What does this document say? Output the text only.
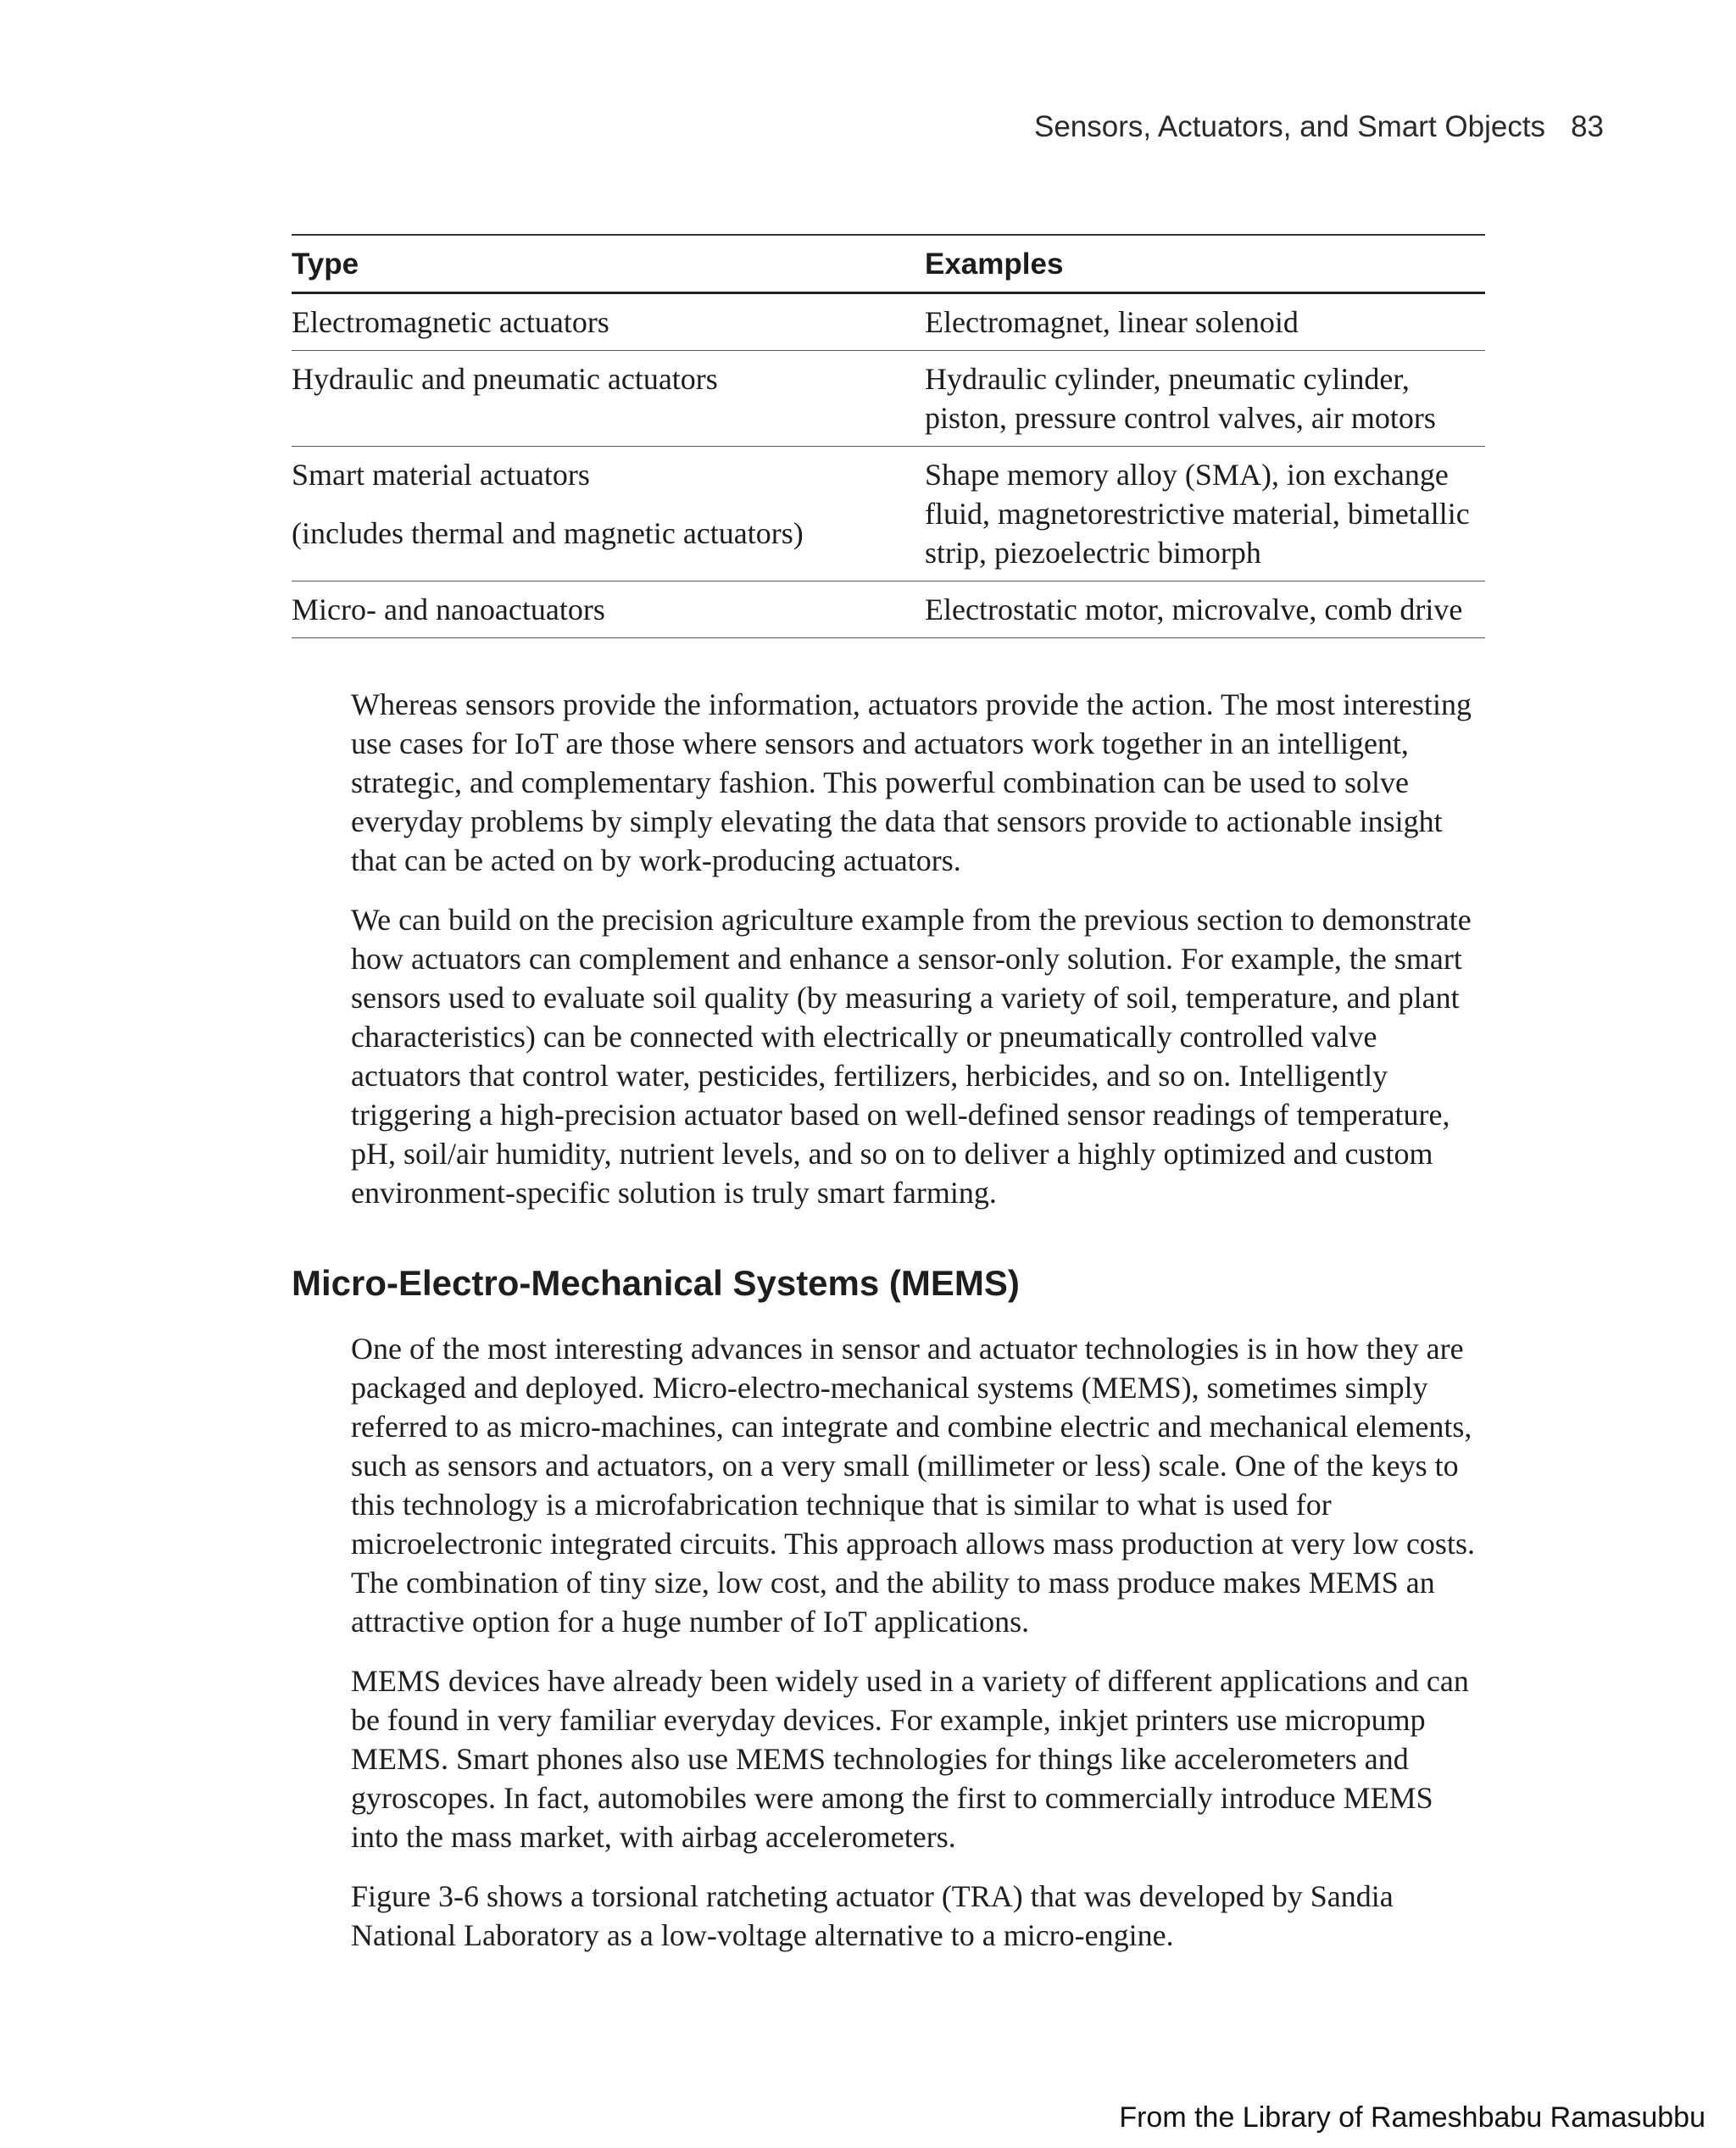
Sensors, Actuators, and Smart Objects 83
Type	Examples

Electromagnetic actuators	Electromagnet, linear solenoid

Hydraulic and pneumatic actuators	Hydraulic cylinder, pneumatic cylinder, piston, pressure control valves, air motors

Smart material actuators
(includes thermal and magnetic actuators)	Shape memory alloy (SMA), ion exchange fluid, magnetorestrictive material, bimetallic strip, piezoelectric bimorph

Micro- and nanoactuators	Electrostatic motor, microvalve, comb drive

Whereas sensors provide the information, actuators provide the action. The most interesting use cases for IoT are those where sensors and actuators work together in an intelligent, strategic, and complementary fashion. This powerful combination can be used to solve everyday problems by simply elevating the data that sensors provide to actionable insight that can be acted on by work-producing actuators.

We can build on the precision agriculture example from the previous section to demonstrate how actuators can complement and enhance a sensor-only solution. For example, the smart sensors used to evaluate soil quality (by measuring a variety of soil, temperature, and plant characteristics) can be connected with electrically or pneumatically controlled valve actuators that control water, pesticides, fertilizers, herbicides, and so on. Intelligently triggering a high-precision actuator based on well-defined sensor readings of temperature, pH, soil/air humidity, nutrient levels, and so on to deliver a highly optimized and custom environment-specific solution is truly smart farming.

Micro-Electro-Mechanical Systems (MEMS)

One of the most interesting advances in sensor and actuator technologies is in how they are packaged and deployed. Micro-electro-mechanical systems (MEMS), sometimes simply referred to as micro-machines, can integrate and combine electric and mechanical elements, such as sensors and actuators, on a very small (millimeter or less) scale. One of the keys to this technology is a microfabrication technique that is similar to what is used for microelectronic integrated circuits. This approach allows mass production at very low costs. The combination of tiny size, low cost, and the ability to mass produce makes MEMS an attractive option for a huge number of IoT applications.

MEMS devices have already been widely used in a variety of different applications and can be found in very familiar everyday devices. For example, inkjet printers use micropump MEMS. Smart phones also use MEMS technologies for things like accelerometers and gyroscopes. In fact, automobiles were among the first to commercially introduce MEMS into the mass market, with airbag accelerometers.

Figure 3-6 shows a torsional ratcheting actuator (TRA) that was developed by Sandia National Laboratory as a low-voltage alternative to a micro-engine.

From the Library of Rameshbabu Ramasubbu
